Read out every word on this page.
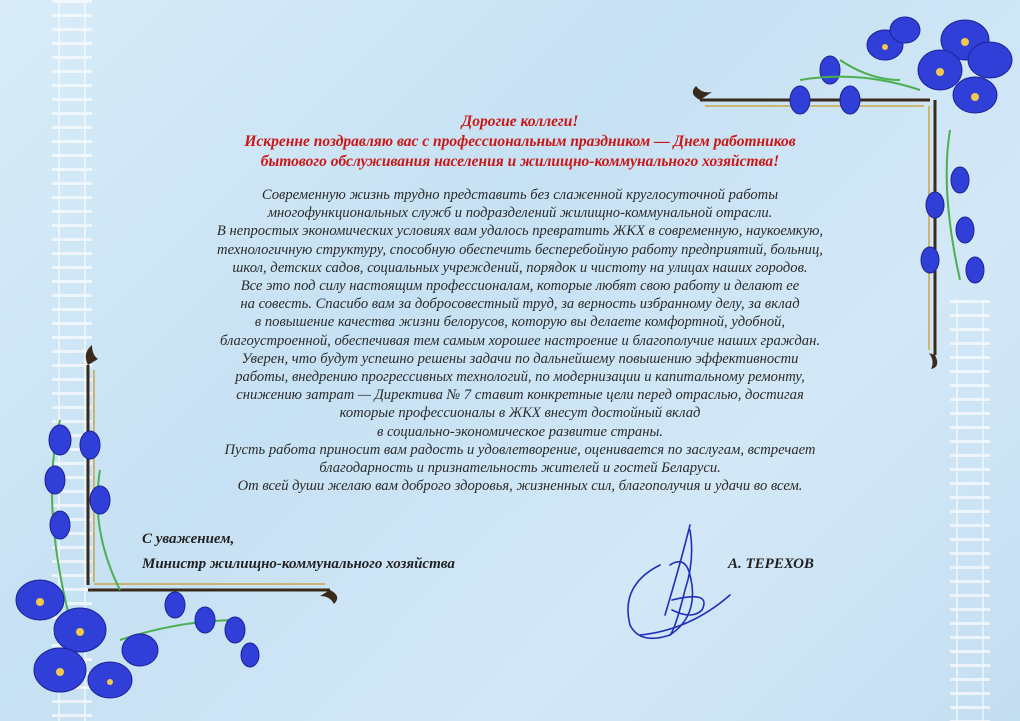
Дорогие коллеги!
Искренне поздравляю вас с профессиональным праздником — Днем работников
бытового обслуживания населения и жилищно-коммунального хозяйства!
Современную жизнь трудно представить без слаженной круглосуточной работы
многофункциональных служб и подразделений жилищно-коммунальной отрасли.
В непростых экономических условиях вам удалось превратить ЖКХ в современную, наукоемкую,
технологичную структуру, способную обеспечить бесперебойную работу предприятий, больниц,
школ, детских садов, социальных учреждений, порядок и чистоту на улицах наших городов.
Все это под силу настоящим профессионалам, которые любят свою работу и делают ее
на совесть. Спасибо вам за добросовестный труд, за верность избранному делу, за вклад
в повышение качества жизни белорусов, которую вы делаете комфортной, удобной,
благоустроенной, обеспечивая тем самым хорошее настроение и благополучие наших граждан.
Уверен, что будут успешно решены задачи по дальнейшему повышению эффективности
работы, внедрению прогрессивных технологий, по модернизации и капитальному ремонту,
снижению затрат — Директива № 7 ставит конкретные цели перед отраслью, достигая
которые профессионалы в ЖКХ внесут достойный вклад
в социально-экономическое развитие страны.
Пусть работа приносит вам радость и удовлетворение, оценивается по заслугам, встречает
благодарность и признательность жителей и гостей Беларуси.
От всей души желаю вам доброго здоровья, жизненных сил, благополучия и удачи во всем.
С уважением,
Министр жилищно-коммунального хозяйства	А. ТЕРЕХОВ
